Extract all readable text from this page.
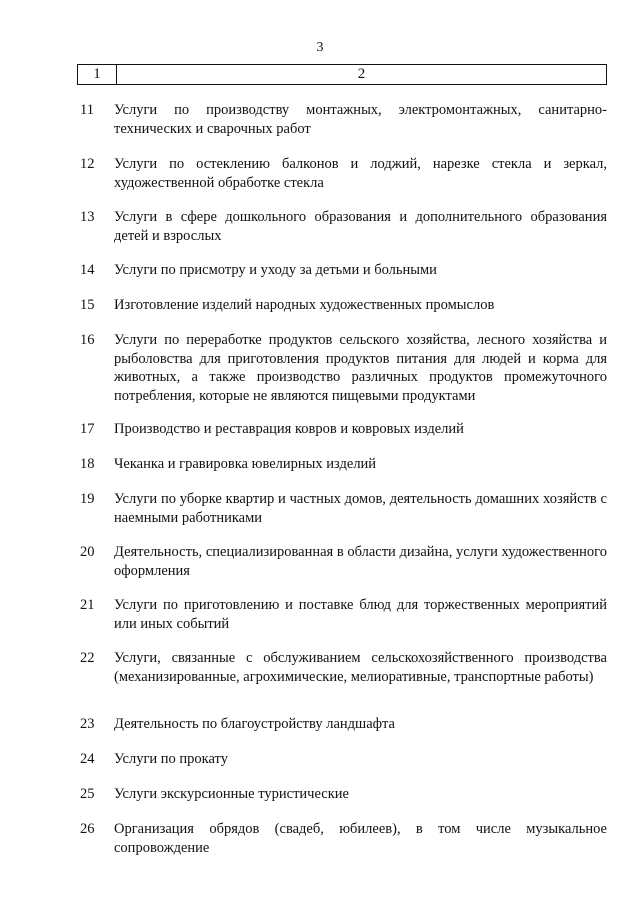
3
1	2
11	Услуги по производству монтажных, электромонтажных, санитарно-технических и сварочных работ
12	Услуги по остеклению балконов и лоджий, нарезке стекла и зеркал, художественной обработке стекла
13	Услуги в сфере дошкольного образования и дополнительного образования детей и взрослых
14	Услуги по присмотру и уходу за детьми и больными
15	Изготовление изделий народных художественных промыслов
16	Услуги по переработке продуктов сельского хозяйства, лесного хозяйства и рыболовства для приготовления продуктов питания для людей и корма для животных, а также производство различных продуктов промежуточного потребления, которые не являются пищевыми продуктами
17	Производство и реставрация ковров и ковровых изделий
18	Чеканка и гравировка ювелирных изделий
19	Услуги по уборке квартир и частных домов, деятельность домашних хозяйств с наемными работниками
20	Деятельность, специализированная в области дизайна, услуги художественного оформления
21	Услуги по приготовлению и поставке блюд для торжественных мероприятий или иных событий
22	Услуги, связанные с обслуживанием сельскохозяйственного производства (механизированные, агрохимические, мелиоративные, транспортные работы)
23	Деятельность по благоустройству ландшафта
24	Услуги по прокату
25	Услуги экскурсионные туристические
26	Организация обрядов (свадеб, юбилеев), в том числе музыкальное сопровождение
